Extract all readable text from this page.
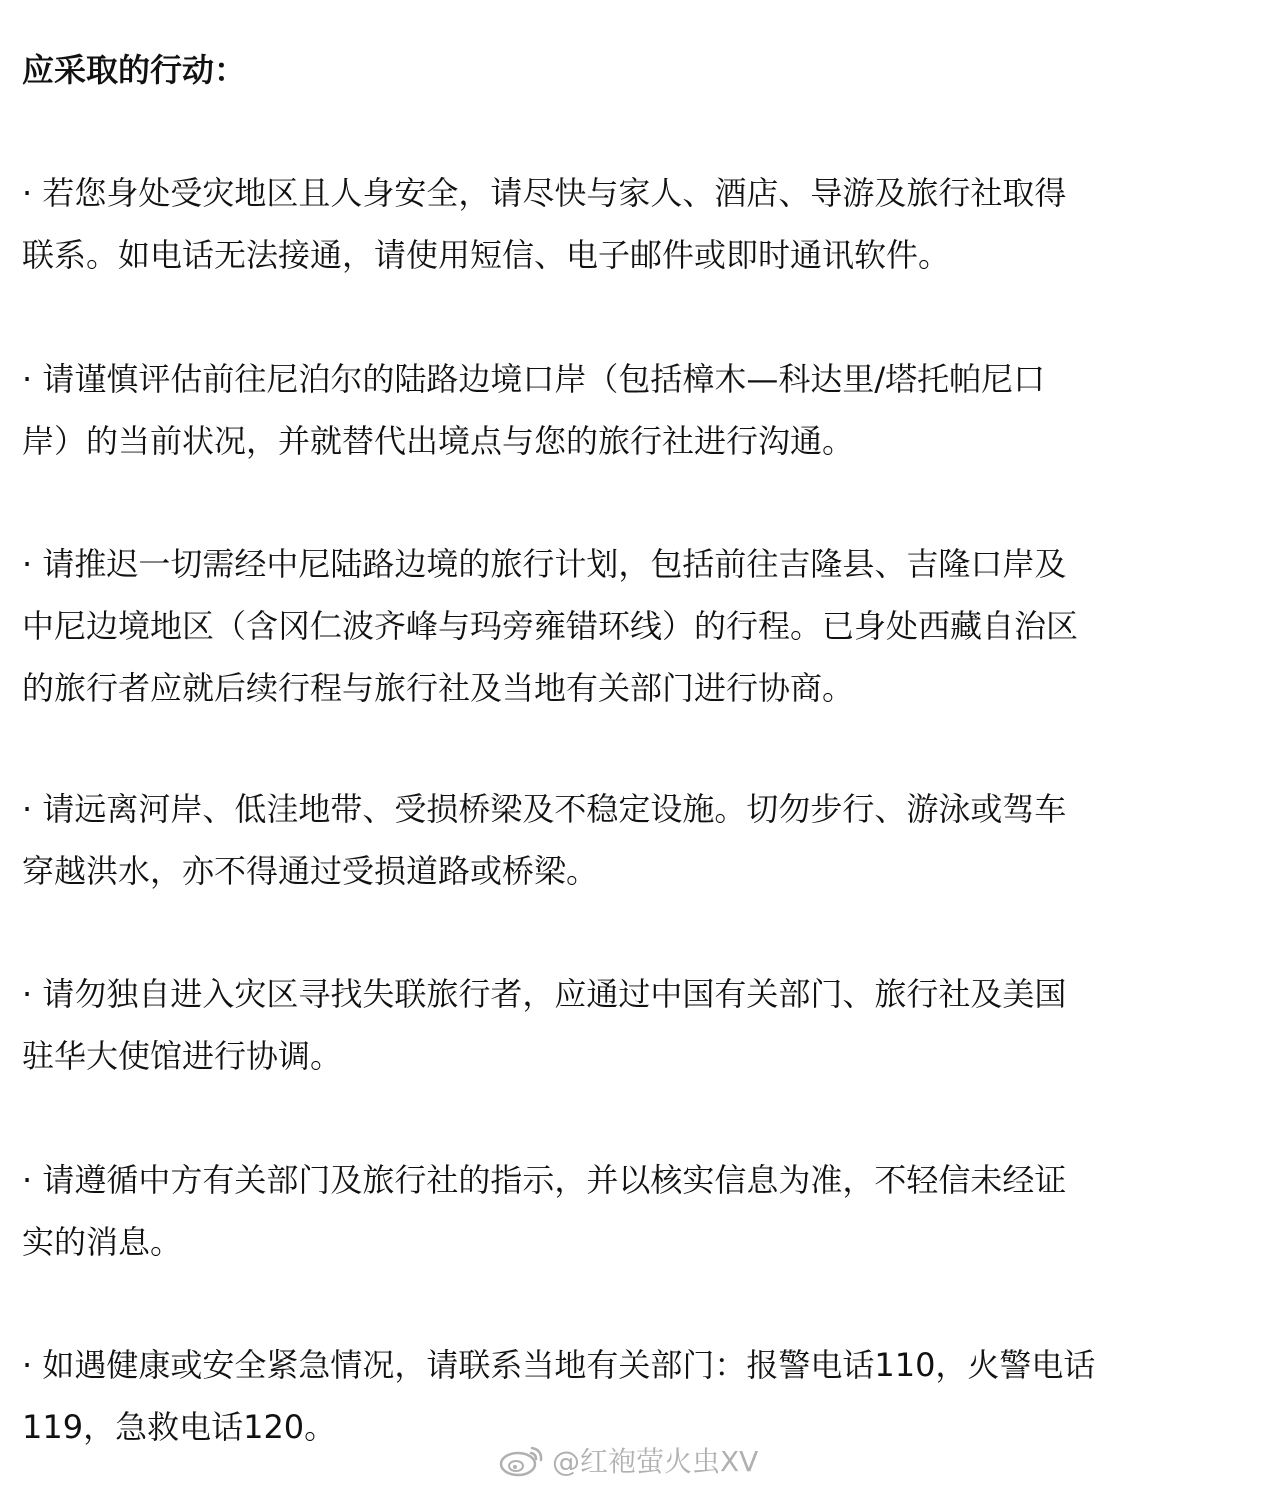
应采取的行动：

· 若您身处受灾地区且人身安全，请尽快与家人、酒店、导游及旅行社取得
联系。如电话无法接通，请使用短信、电子邮件或即时通讯软件。

· 请谨慎评估前往尼泊尔的陆路边境口岸（包括樟木—科达里/塔托帕尼口
岸）的当前状况，并就替代出境点与您的旅行社进行沟通。

· 请推迟一切需经中尼陆路边境的旅行计划，包括前往吉隆县、吉隆口岸及
中尼边境地区（含冈仁波齐峰与玛旁雍错环线）的行程。已身处西藏自治区
的旅行者应就后续行程与旅行社及当地有关部门进行协商。

· 请远离河岸、低洼地带、受损桥梁及不稳定设施。切勿步行、游泳或驾车
穿越洪水，亦不得通过受损道路或桥梁。

· 请勿独自进入灾区寻找失联旅行者，应通过中国有关部门、旅行社及美国
驻华大使馆进行协调。

· 请遵循中方有关部门及旅行社的指示，并以核实信息为准，不轻信未经证
实的消息。

· 如遇健康或安全紧急情况，请联系当地有关部门：报警电话110，火警电话
119，急救电话120。

@红袍萤火虫XV
